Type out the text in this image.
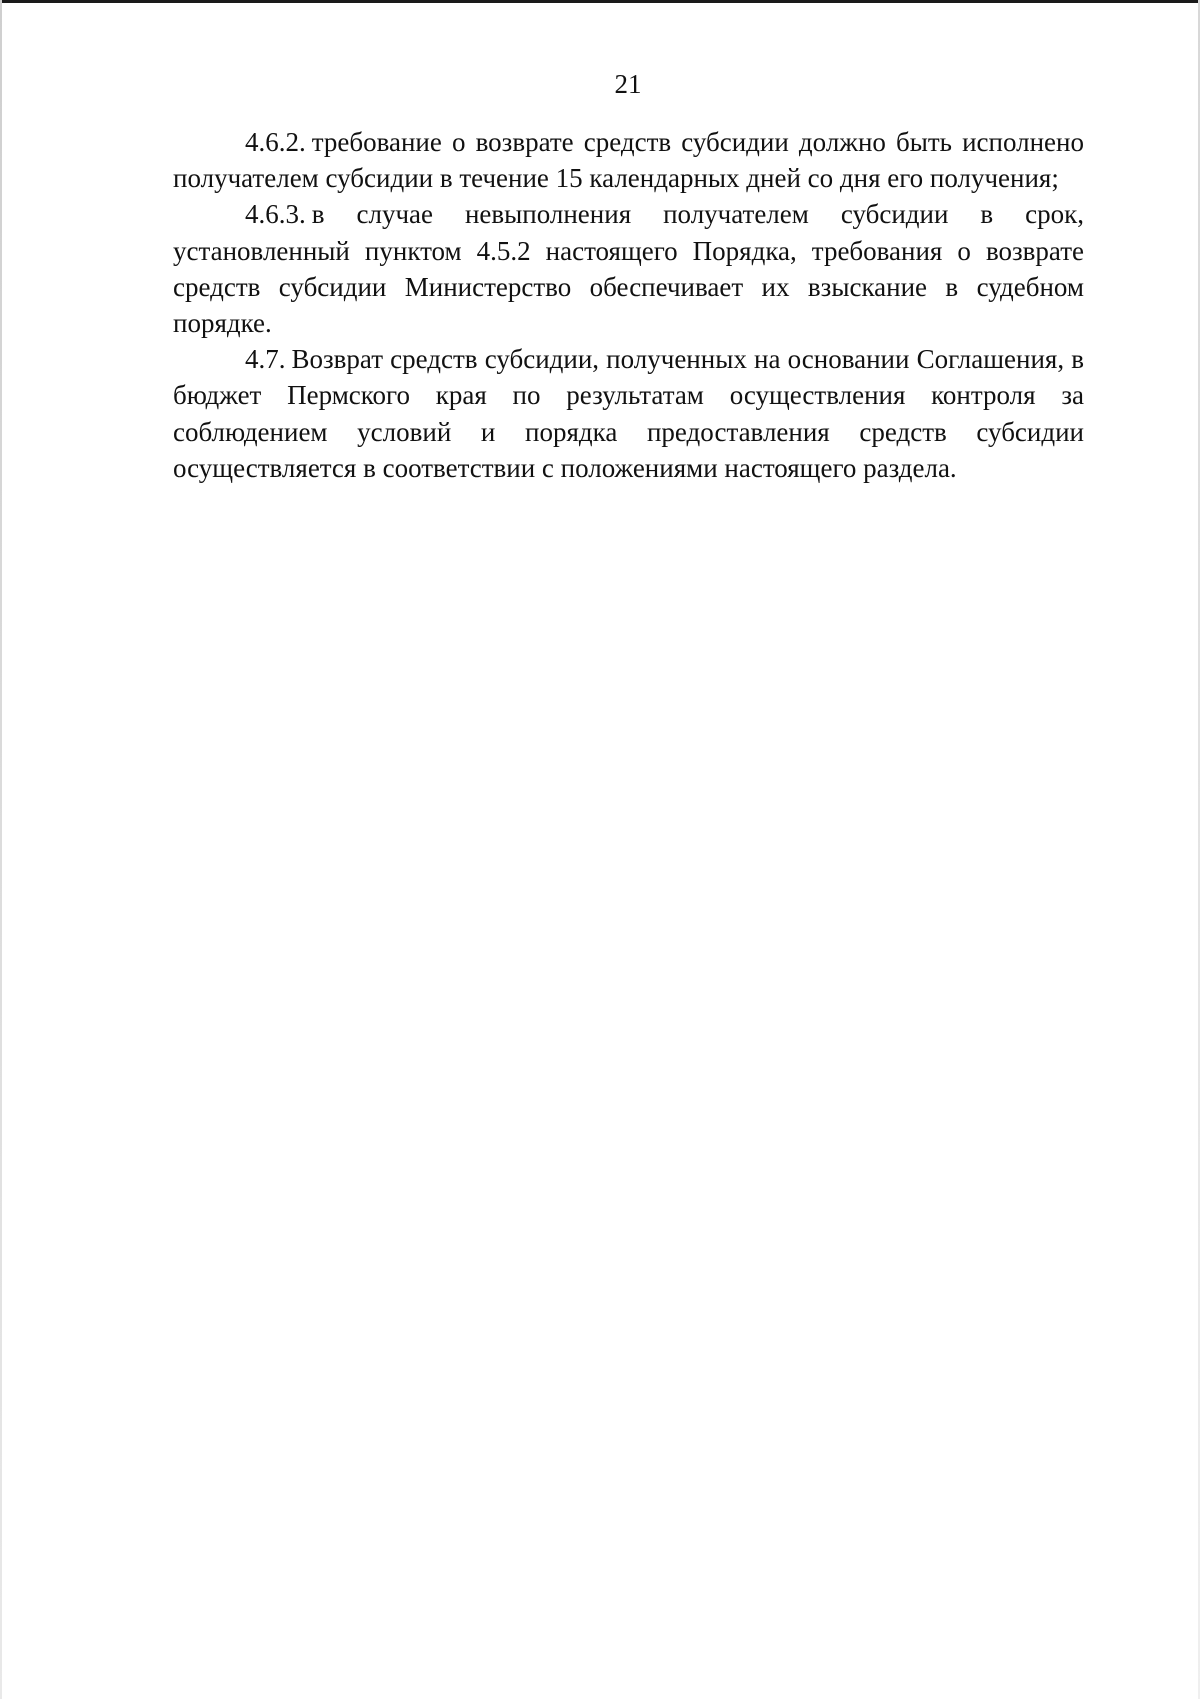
21

4.6.2. требование о возврате средств субсидии должно быть исполнено получателем субсидии в течение 15 календарных дней со дня его получения;

4.6.3. в случае невыполнения получателем субсидии в срок, установленный пунктом 4.5.2 настоящего Порядка, требования о возврате средств субсидии Министерство обеспечивает их взыскание в судебном порядке.

4.7. Возврат средств субсидии, полученных на основании Соглашения, в бюджет Пермского края по результатам осуществления контроля за соблюдением условий и порядка предоставления средств субсидии осуществляется в соответствии с положениями настоящего раздела.
